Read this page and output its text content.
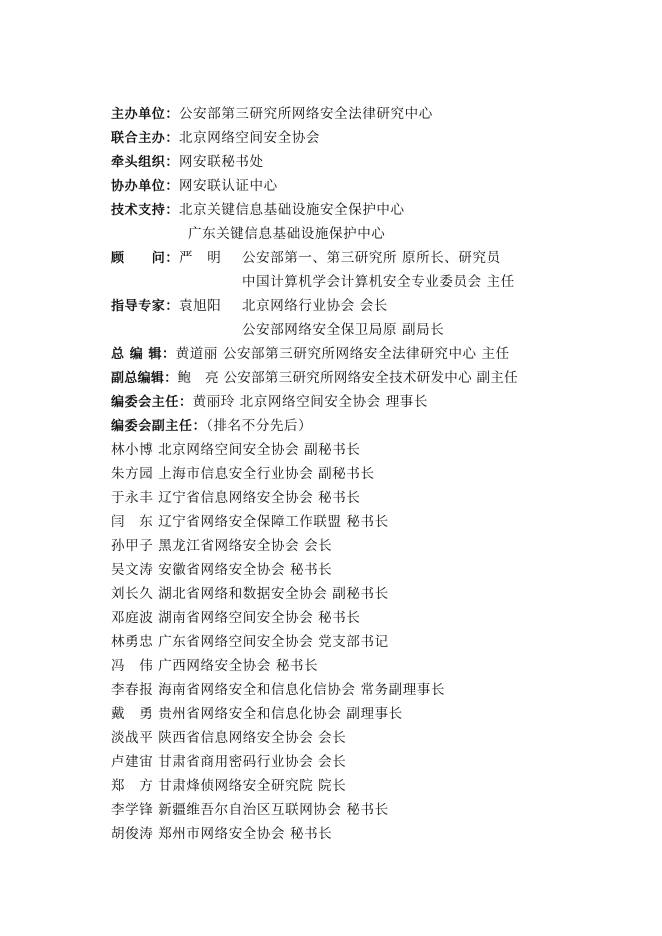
主办单位：公安部第三研究所网络安全法律研究中心
联合主办：北京网络空间安全协会
牵头组织：网安联秘书处
协办单位：网安联认证中心
技术支持：北京关键信息基础设施安全保护中心
广东关键信息基础设施保护中心
顾　　问：严　明 公安部第一、第三研究所 原所长、研究员
中国计算机学会计算机安全专业委员会 主任
指导专家：袁旭阳 北京网络行业协会 会长
公安部网络安全保卫局原 副局长
总 编 辑：黄道丽 公安部第三研究所网络安全法律研究中心 主任
副总编辑：鲍　亮 公安部第三研究所网络安全技术研发中心 副主任
编委会主任：黄丽玲 北京网络空间安全协会 理事长
编委会副主任：（排名不分先后）
林小博 北京网络空间安全协会 副秘书长
朱方园 上海市信息安全行业协会 副秘书长
于永丰 辽宁省信息网络安全协会 秘书长
闫　东 辽宁省网络安全保障工作联盟 秘书长
孙甲子 黑龙江省网络安全协会 会长
吴文涛 安徽省网络安全协会 秘书长
刘长久 湖北省网络和数据安全协会 副秘书长
邓庭波 湖南省网络空间安全协会 秘书长
林勇忠 广东省网络空间安全协会 党支部书记
冯　伟 广西网络安全协会 秘书长
李春报 海南省网络安全和信息化信协会 常务副理事长
戴　勇 贵州省网络安全和信息化协会 副理事长
淡战平 陕西省信息网络安全协会 会长
卢建宙 甘肃省商用密码行业协会 会长
郑　方 甘肃烽侦网络安全研究院 院长
李学锋 新疆维吾尔自治区互联网协会 秘书长
胡俊涛 郑州市网络安全协会 秘书长
